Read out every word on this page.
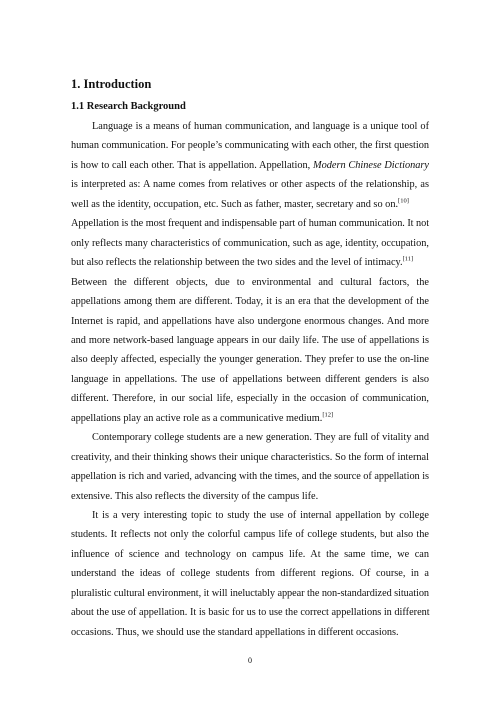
1. Introduction
1.1 Research Background
Language is a means of human communication, and language is a unique tool of
human communication. For people’s communicating with each other, the first question
is how to call each other. That is appellation. Appellation, Modern Chinese Dictionary
is interpreted as: A name comes from relatives or other aspects of the relationship, as
well as the identity, occupation, etc. Such as father, master, secretary and so on.[10]
Appellation is the most frequent and indispensable part of human communication. It not
only reflects many characteristics of communication, such as age, identity, occupation,
but also reflects the relationship between the two sides and the level of intimacy.[11]
Between the different objects, due to environmental and cultural factors, the
appellations among them are different. Today, it is an era that the development of the
Internet is rapid, and appellations have also undergone enormous changes. And more
and more network-based language appears in our daily life. The use of appellations is
also deeply affected, especially the younger generation. They prefer to use the on-line
language in appellations. The use of appellations between different genders is also
different. Therefore, in our social life, especially in the occasion of communication,
appellations play an active role as a communicative medium.[12]
Contemporary college students are a new generation. They are full of vitality and
creativity, and their thinking shows their unique characteristics. So the form of internal
appellation is rich and varied, advancing with the times, and the source of appellation is
extensive. This also reflects the diversity of the campus life.
It is a very interesting topic to study the use of internal appellation by college
students. It reflects not only the colorful campus life of college students, but also the
influence of science and technology on campus life. At the same time, we can
understand the ideas of college students from different regions. Of course, in a
pluralistic cultural environment, it will ineluctably appear the non-standardized situation
about the use of appellation. It is basic for us to use the correct appellations in different
occasions. Thus, we should use the standard appellations in different occasions.
0
